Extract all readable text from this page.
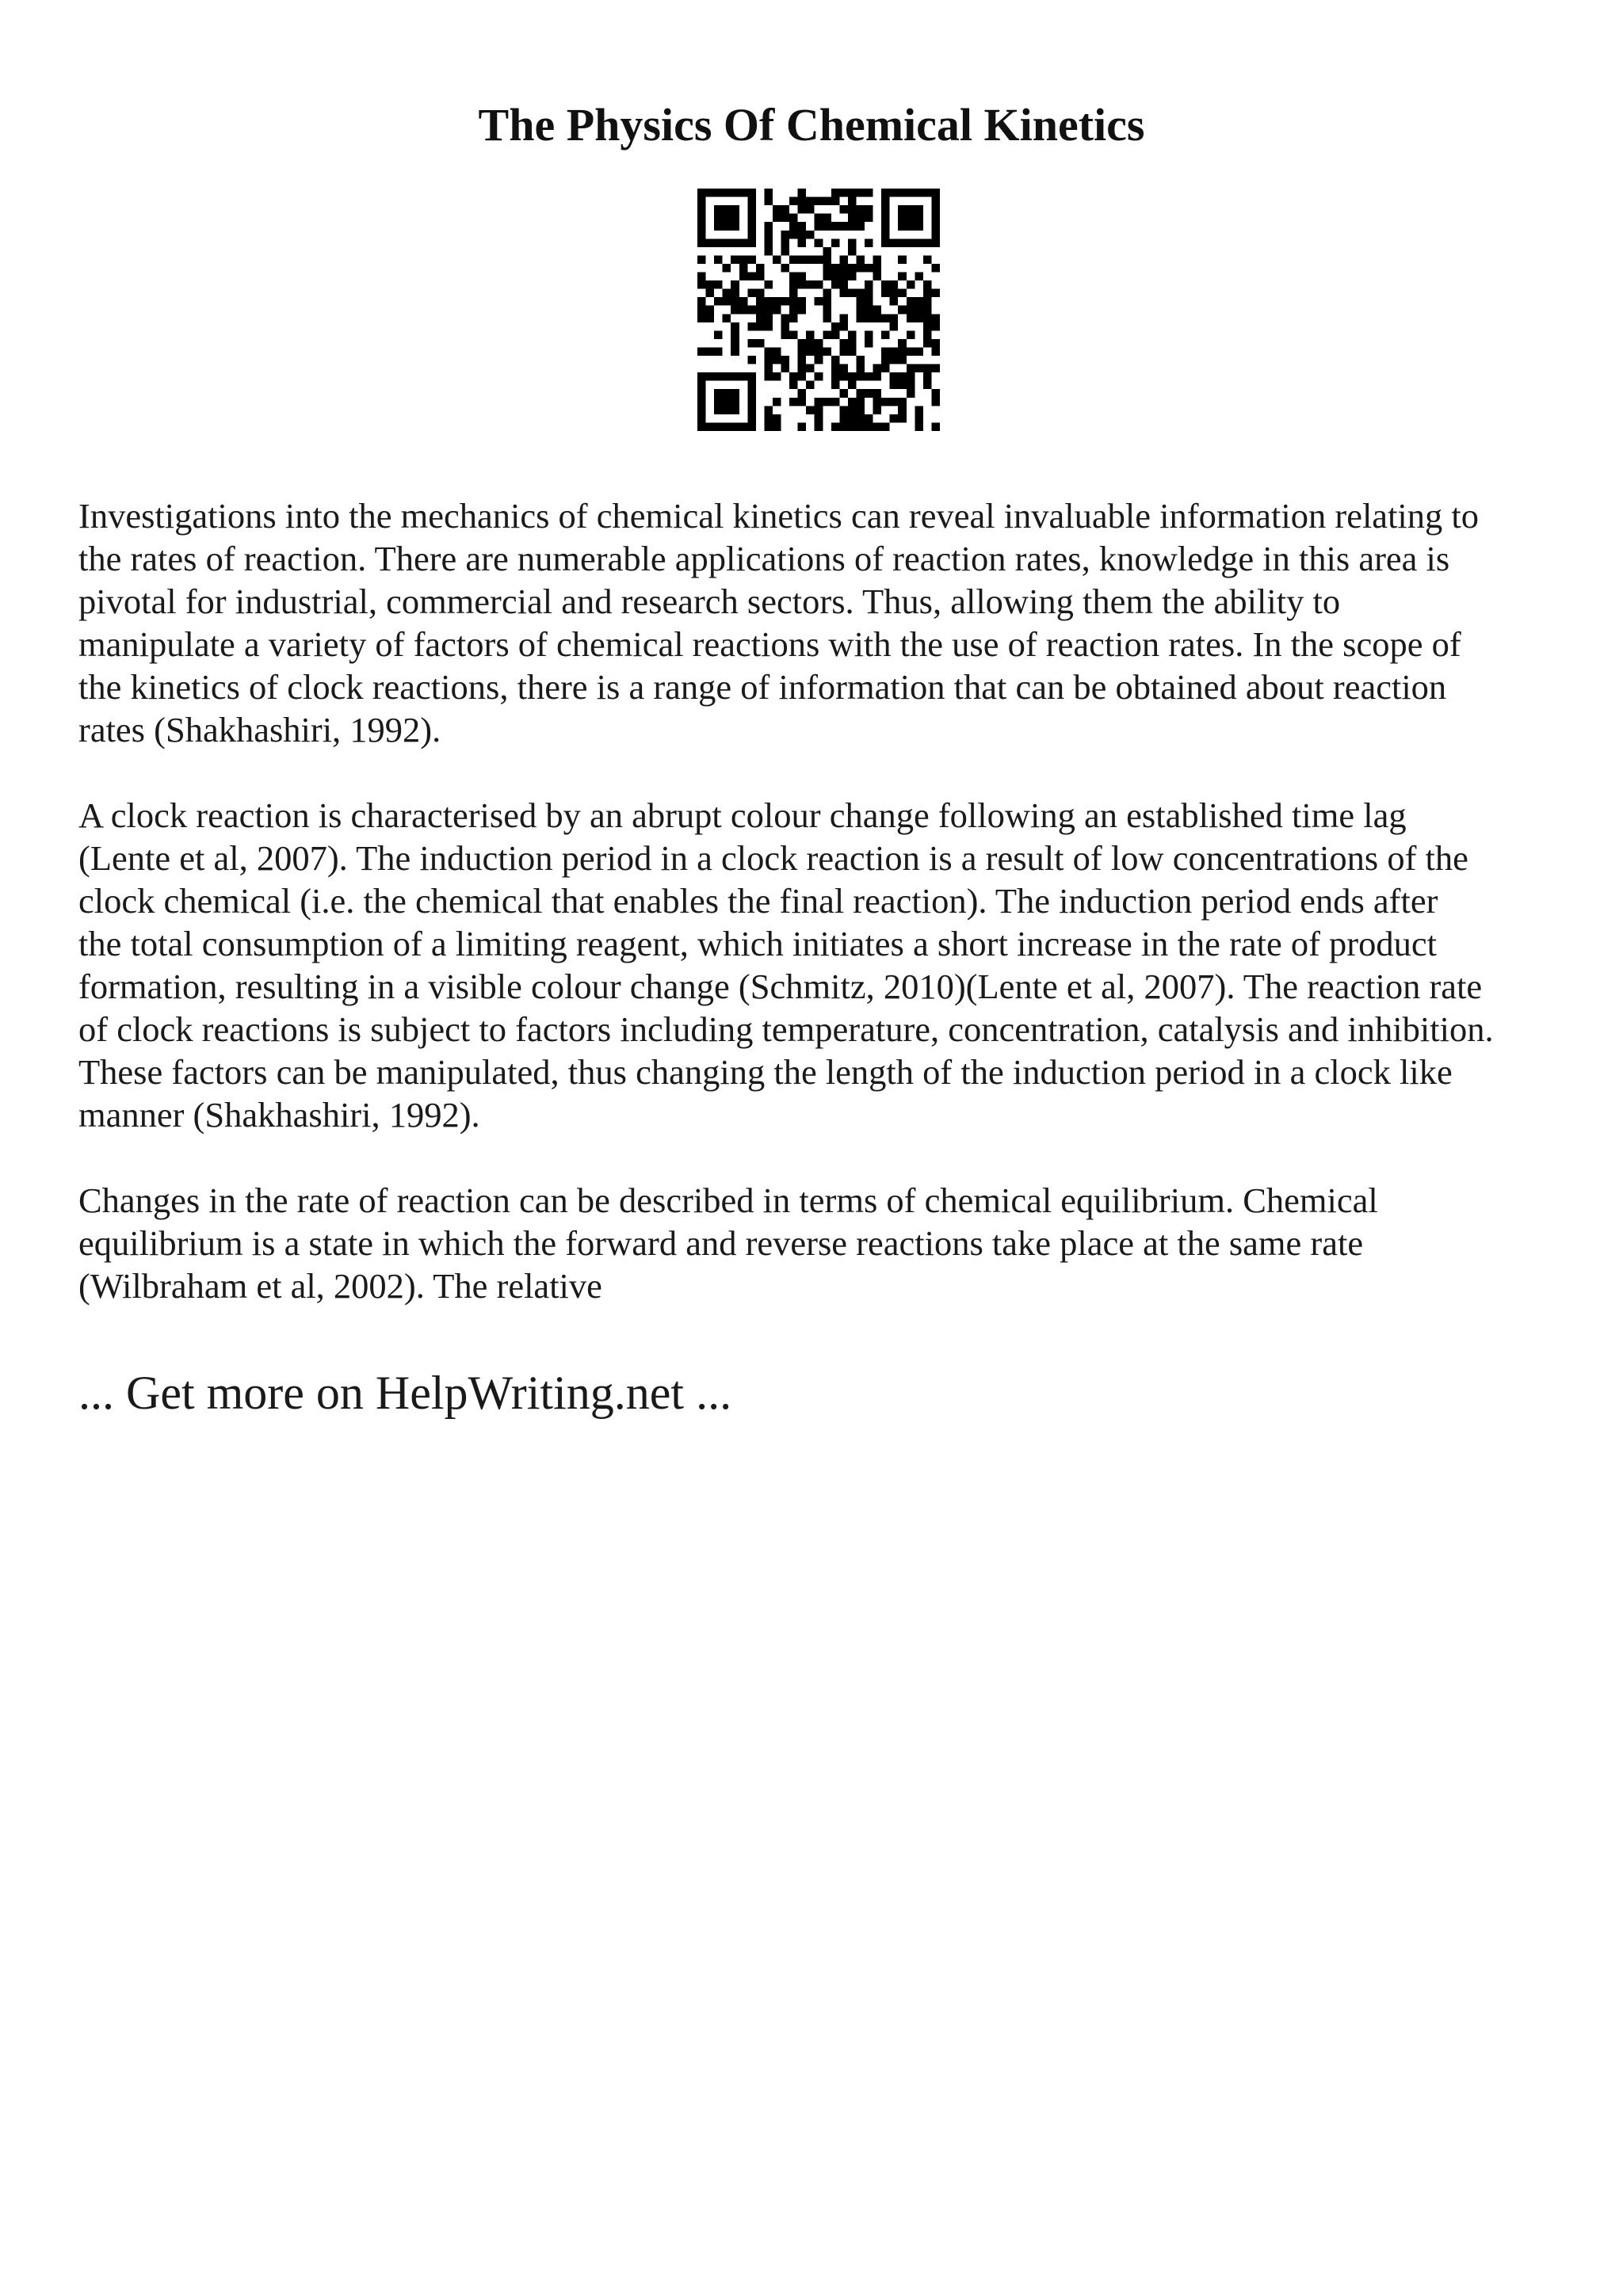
The Physics Of Chemical Kinetics

Investigations into the mechanics of chemical kinetics can reveal invaluable information relating to
the rates of reaction. There are numerable applications of reaction rates, knowledge in this area is
pivotal for industrial, commercial and research sectors. Thus, allowing them the ability to
manipulate a variety of factors of chemical reactions with the use of reaction rates. In the scope of
the kinetics of clock reactions, there is a range of information that can be obtained about reaction
rates (Shakhashiri, 1992).

A clock reaction is characterised by an abrupt colour change following an established time lag
(Lente et al, 2007). The induction period in a clock reaction is a result of low concentrations of the
clock chemical (i.e. the chemical that enables the final reaction). The induction period ends after
the total consumption of a limiting reagent, which initiates a short increase in the rate of product
formation, resulting in a visible colour change (Schmitz, 2010)(Lente et al, 2007). The reaction rate
of clock reactions is subject to factors including temperature, concentration, catalysis and inhibition.
These factors can be manipulated, thus changing the length of the induction period in a clock like
manner (Shakhashiri, 1992).

Changes in the rate of reaction can be described in terms of chemical equilibrium. Chemical
equilibrium is a state in which the forward and reverse reactions take place at the same rate
(Wilbraham et al, 2002). The relative

... Get more on HelpWriting.net ...
